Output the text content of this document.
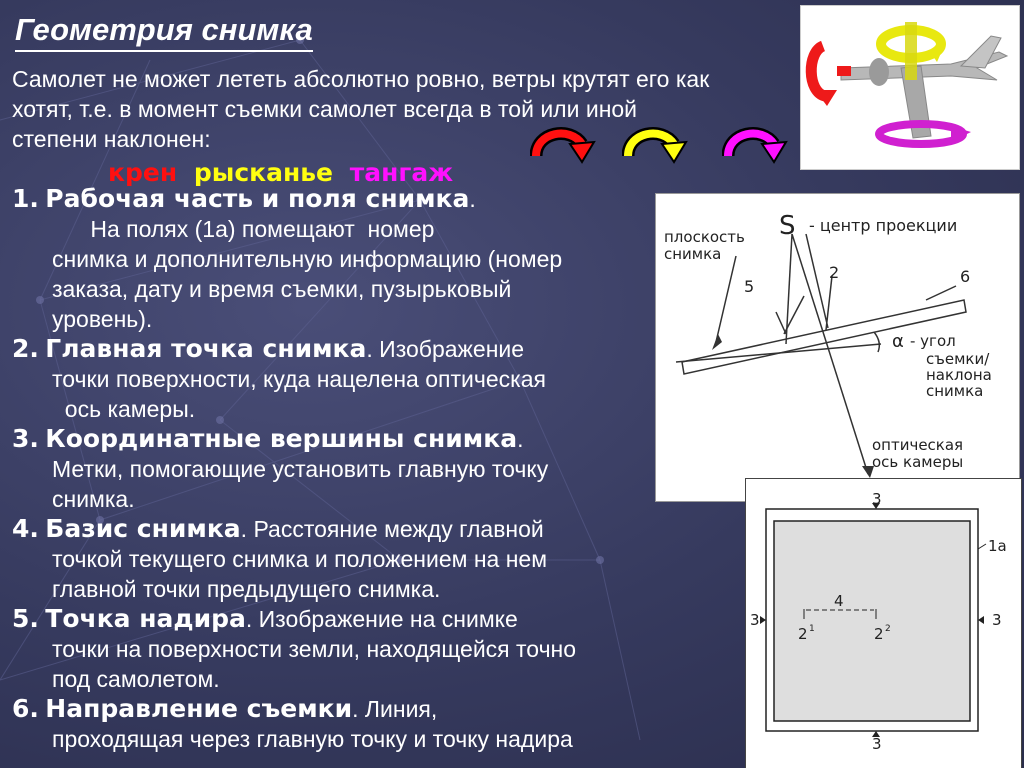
Геометрия снимка
Самолет не может лететь абсолютно ровно, ветры крутят его как
хотят, т.е. в момент съемки самолет всегда в той или иной
степени наклонен:
крен рысканье тангаж

1. Рабочая часть и поля снимка.

На полях (1а) помещают  номер

снимка и дополнительную информацию (номер

заказа, дату и время съемки, пузырьковый

уровень).

2. Главная точка снимка. Изображение

точки поверхности, куда нацелена оптическая

ось камеры.

3. Координатные вершины снимка.

Метки, помогающие установить главную точку

снимка.

4. Базис снимка. Расстояние между главной

точкой текущего снимка и положением на нем

главной точки предыдущего снимка.

5. Точка надира. Изображение на снимке

точки на поверхности земли, находящейся точно

под самолетом.

6. Направление съемки. Линия,

проходящая через главную точку и точку надира

S - центр проекции
плоскость
снимка
5
2	6
α - угол
съемки/
наклона
снимка
оптическая
ось камеры
3
3
3	3
1а
4
2 1	2 2
